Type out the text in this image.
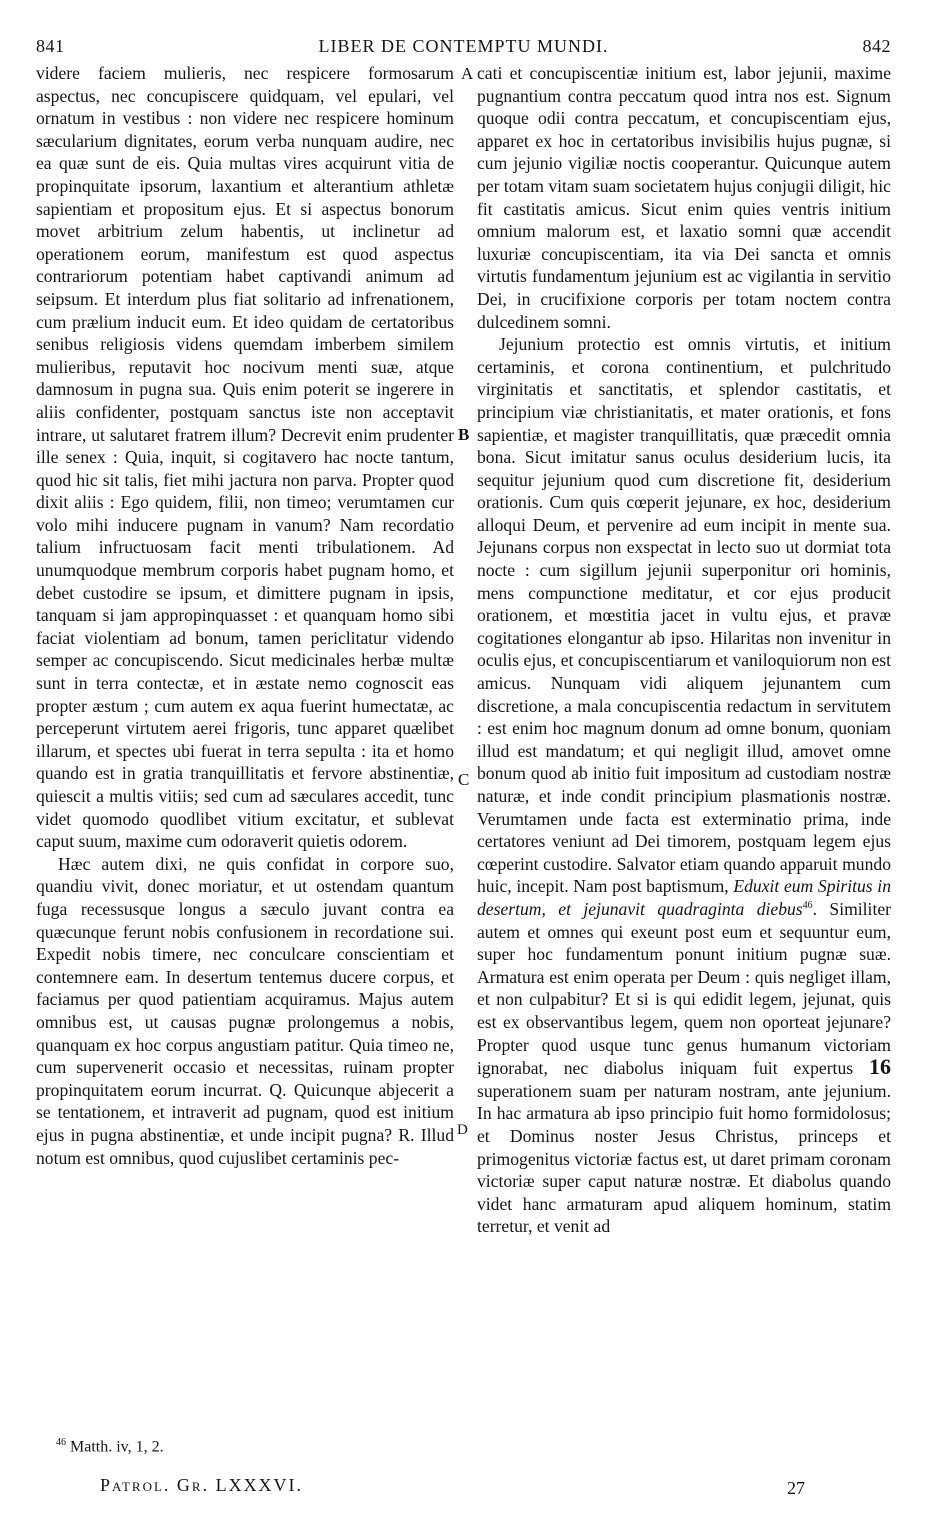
841	LIBER DE CONTEMPTU MUNDI.	842

videre faciem mulieris, nec respicere formosarum aspectus, nec concupiscere quidquam, vel epulari, vel ornatum in vestibus : non videre nec respicere hominum sæcularium dignitates, eorum verba nunquam audire, nec ea quæ sunt de eis. Quia multas vires acquirunt vitia de propinquitate ipsorum, laxantium et alterantium athletæ sapientiam et propositum ejus. Et si aspectus bonorum movet arbitrium zelum habentis, ut inclinetur ad operationem eorum, manifestum est quod aspectus contrariorum potentiam habet captivandi animum ad seipsum. Et interdum plus fiat solitario ad infrenationem, cum prælium inducit eum. Et ideo quidam de certatoribus senibus religiosis videns quemdam imberbem similem mulieribus, reputavit hoc nocivum menti suæ, atque damnosum in pugna sua. Quis enim poterit se ingerere in aliis confidenter, postquam sanctus iste non acceptavit intrare, ut salutaret fratrem illum? Decrevit enim prudenter ille senex : Quia, inquit, si cogitavero hac nocte tantum, quod hic sit talis, fiet mihi jactura non parva. Propter quod dixit aliis : Ego quidem, filii, non timeo; verumtamen cur volo mihi inducere pugnam in vanum? Nam recordatio talium infructuosam facit menti tribulationem. Ad unumquodque membrum corporis habet pugnam homo, et debet custodire se ipsum, et dimittere pugnam in ipsis, tanquam si jam appropinquasset : et quanquam homo sibi faciat violentiam ad bonum, tamen periclitatur videndo semper ac concupiscendo. Sicut medicinales herbæ multæ sunt in terra contectæ, et in æstate nemo cognoscit eas propter æstum ; cum autem ex aqua fuerint humectatæ, ac perceperunt virtutem aerei frigoris, tunc apparet quælibet illarum, et spectes ubi fuerat in terra sepulta : ita et homo quando est in gratia tranquillitatis et fervore abstinentiæ, quiescit a multis vitiis; sed cum ad sæculares accedit, tunc videt quomodo quodlibet vitium excitatur, et sublevat caput suum, maxime cum odoraverit quietis odorem.

Hæc autem dixi, ne quis confidat in corpore suo, quandiu vivit, donec moriatur, et ut ostendam quantum fuga recessusque longus a sæculo juvant contra ea quæcunque ferunt nobis confusionem in recordatione sui. Expedit nobis timere, nec conculcare conscientiam et contemnere eam. In desertum tentemus ducere corpus, et faciamus per quod patientiam acquiramus. Majus autem omnibus est, ut causas pugnæ prolongemus a nobis, quanquam ex hoc corpus angustiam patitur. Quia timeo ne, cum supervenerit occasio et necessitas, ruinam propter propinquitatem eorum incurrat. Q. Quicunque abjecerit a se tentationem, et intraverit ad pugnam, quod est initium ejus in pugna abstinentiæ, et unde incipit pugna? R. Illud notum est omnibus, quod cujuslibet certaminis pec-

cati et concupiscentiæ initium est, labor jejunii, maxime pugnantium contra peccatum quod intra nos est. Signum quoque odii contra peccatum, et concupiscentiam ejus, apparet ex hoc in certatoribus invisibilis hujus pugnæ, si cum jejunio vigiliæ noctis cooperantur. Quicunque autem per totam vitam suam societatem hujus conjugii diligit, hic fit castitatis amicus. Sicut enim quies ventris initium omnium malorum est, et laxatio somni quæ accendit luxuriæ concupiscentiam, ita via Dei sancta et omnis virtutis fundamentum jejunium est ac vigilantia in servitio Dei, in crucifixione corporis per totam noctem contra dulcedinem somni.

Jejunium protectio est omnis virtutis, et initium certaminis, et corona continentium, et pulchritudo virginitatis et sanctitatis, et splendor castitatis, et principium viæ christianitatis, et mater orationis, et fons sapientiæ, et magister tranquillitatis, quæ præcedit omnia bona. Sicut imitatur sanus oculus desiderium lucis, ita sequitur jejunium quod cum discretione fit, desiderium orationis. Cum quis cœperit jejunare, ex hoc, desiderium alloqui Deum, et pervenire ad eum incipit in mente sua. Jejunans corpus non exspectat in lecto suo ut dormiat tota nocte : cum sigillum jejunii superponitur ori hominis, mens compunctione meditatur, et cor ejus producit orationem, et mœstitia jacet in vultu ejus, et pravæ cogitationes elongantur ab ipso. Hilaritas non invenitur in oculis ejus, et concupiscentiarum et vaniloquiorum non est amicus. Nunquam vidi aliquem jejunantem cum discretione, a mala concupiscentia redactum in servitutem : est enim hoc magnum donum ad omne bonum, quoniam illud est mandatum; et qui negligit illud, amovet omne bonum quod ab initio fuit impositum ad custodiam nostræ naturæ, et inde condit principium plasmationis nostræ. Verumtamen unde facta est exterminatio prima, inde certatores veniunt ad Dei timorem, postquam legem ejus cœperint custodire. Salvator etiam quando apparuit mundo huic, incepit. Nam post baptismum, Eduxit eum Spiritus in desertum, et jejunavit quadraginta diebus$^{46}$. Similiter autem et omnes qui exeunt post eum et sequuntur eum, super hoc fundamentum ponunt initium pugnæ suæ. Armatura est enim operata per Deum : quis negliget illam, et non culpabitur? Et si is qui edidit legem, jejunat, quis est ex observantibus legem, quem non oporteat jejunare? Propter quod usque tunc genus humanum victoriam ignorabat, nec diabolus iniquam fuit expertus 16 superationem suam per naturam nostram, ante jejunium. In hac armatura ab ipso principio fuit homo formidolosus; et Dominus noster Jesus Christus, princeps et primogenitus victoriæ factus est, ut daret primam coronam victoriæ super caput naturæ nostræ. Et diabolus quando videt hanc armaturam apud aliquem hominum, statim terretur, et venit ad

A
B
C
D
$^{46}$ Matth. iv, 1, 2.
Patrol. Gr. LXXXVI.	27
